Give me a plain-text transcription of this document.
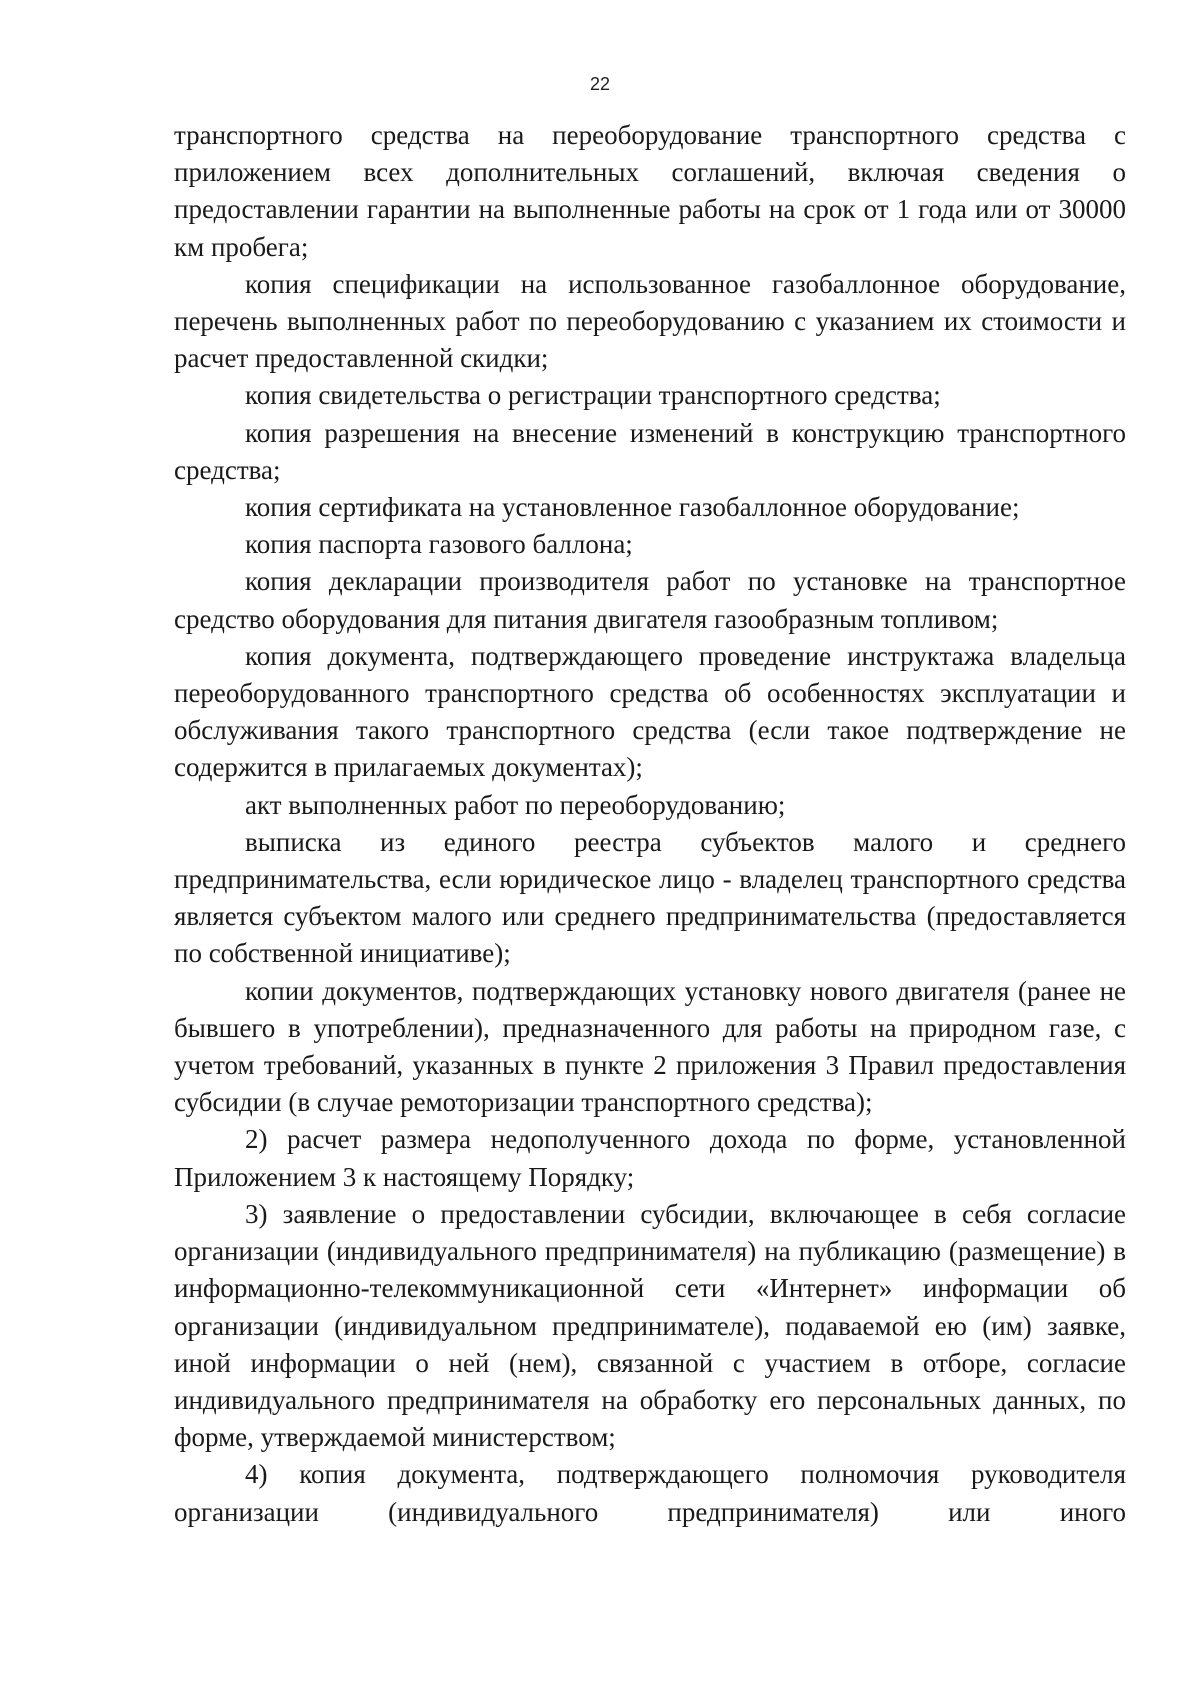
22

транспортного средства на переоборудование транспортного средства с приложением всех дополнительных соглашений, включая сведения о предоставлении гарантии на выполненные работы на срок от 1 года или от 30000 км пробега;

копия спецификации на использованное газобаллонное оборудование, перечень выполненных работ по переоборудованию с указанием их стоимости и расчет предоставленной скидки;

копия свидетельства о регистрации транспортного средства;

копия разрешения на внесение изменений в конструкцию транспортного средства;

копия сертификата на установленное газобаллонное оборудование;

копия паспорта газового баллона;

копия декларации производителя работ по установке на транспортное средство оборудования для питания двигателя газообразным топливом;

копия документа, подтверждающего проведение инструктажа владельца переоборудованного транспортного средства об особенностях эксплуатации и обслуживания такого транспортного средства (если такое подтверждение не содержится в прилагаемых документах);

акт выполненных работ по переоборудованию;

выписка из единого реестра субъектов малого и среднего предпринимательства, если юридическое лицо - владелец транспортного средства является субъектом малого или среднего предпринимательства (предоставляется по собственной инициативе);

копии документов, подтверждающих установку нового двигателя (ранее не бывшего в употреблении), предназначенного для работы на природном газе, с учетом требований, указанных в пункте 2 приложения 3 Правил предоставления субсидии (в случае ремоторизации транспортного средства);

2) расчет размера недополученного дохода по форме, установленной Приложением 3 к настоящему Порядку;

3) заявление о предоставлении субсидии, включающее в себя согласие организации (индивидуального предпринимателя) на публикацию (размещение) в информационно-телекоммуникационной сети «Интернет» информации об организации (индивидуальном предпринимателе), подаваемой ею (им) заявке, иной информации о ней (нем), связанной с участием в отборе, согласие индивидуального предпринимателя на обработку его персональных данных, по форме, утверждаемой министерством;

4) копия документа, подтверждающего полномочия руководителя организации (индивидуального предпринимателя) или иного
